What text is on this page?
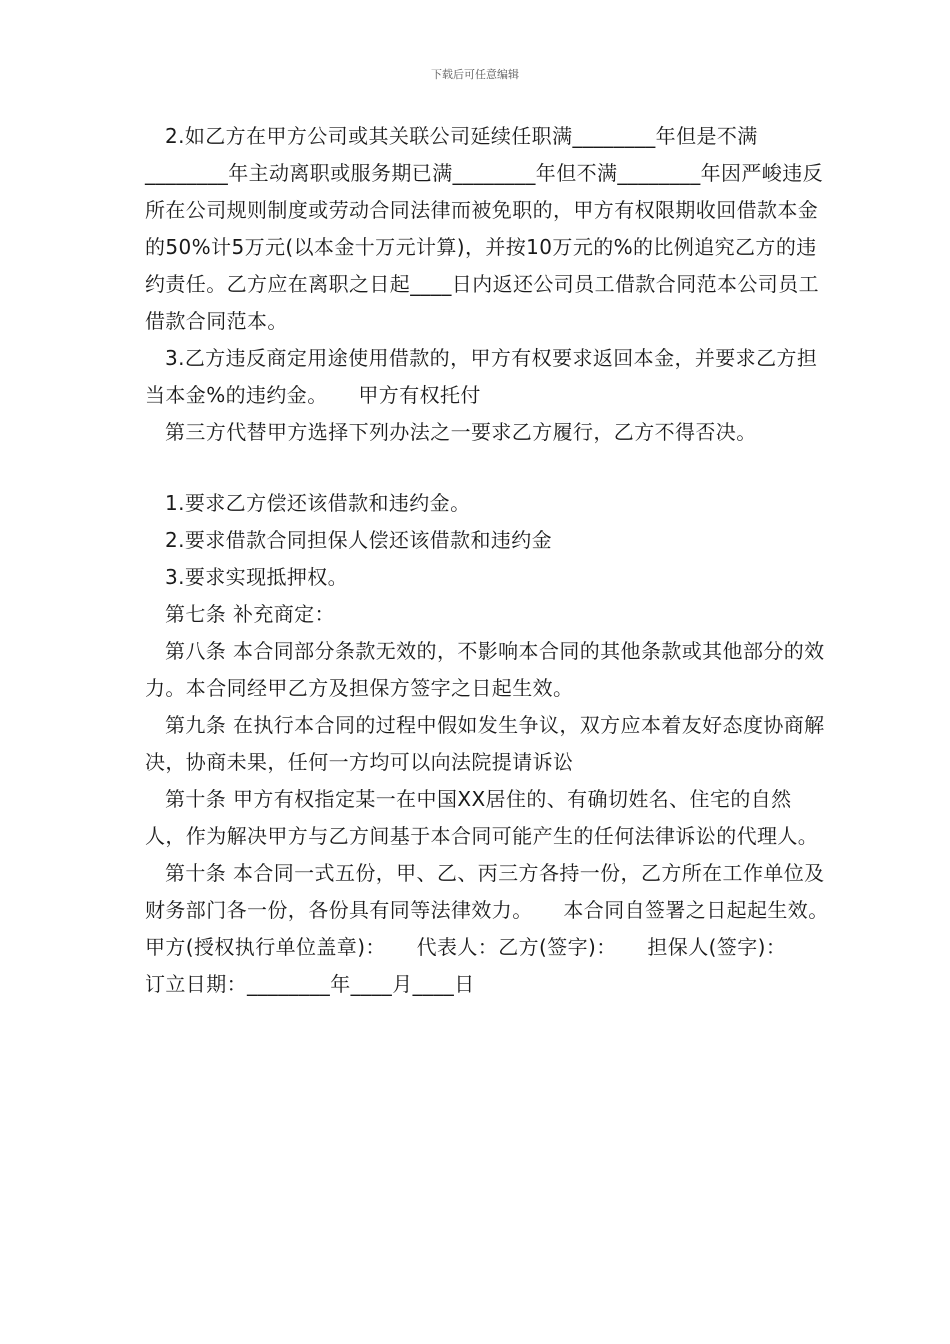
下载后可任意编辑

2.如乙方在甲方公司或其关联公司延续任职满________年但是不满________年主动离职或服务期已满________年但不满________年因严峻违反所在公司规则制度或劳动合同法律而被免职的，甲方有权限期收回借款本金的50%计5万元(以本金十万元计算)，并按10万元的%的比例追究乙方的违约责任。乙方应在离职之日起____日内返还公司员工借款合同范本公司员工借款合同范本。

3.乙方违反商定用途使用借款的，甲方有权要求返回本金，并要求乙方担当本金%的违约金。　　甲方有权托付

第三方代替甲方选择下列办法之一要求乙方履行，乙方不得否决。

1.要求乙方偿还该借款和违约金。

2.要求借款合同担保人偿还该借款和违约金

3.要求实现抵押权。

第七条 补充商定：

第八条 本合同部分条款无效的，不影响本合同的其他条款或其他部分的效力。本合同经甲乙方及担保方签字之日起生效。

第九条 在执行本合同的过程中假如发生争议，双方应本着友好态度协商解决，协商未果，任何一方均可以向法院提请诉讼

第十条 甲方有权指定某一在中国XX居住的、有确切姓名、住宅的自然人，作为解决甲方与乙方间基于本合同可能产生的任何法律诉讼的代理人。

第十条 本合同一式五份，甲、乙、丙三方各持一份，乙方所在工作单位及财务部门各一份，各份具有同等法律效力。　　本合同自签署之日起起生效。　　甲方(授权执行单位盖章)：　　代表人：乙方(签字)：　　担保人(签字)：　　订立日期：________年____月____日
